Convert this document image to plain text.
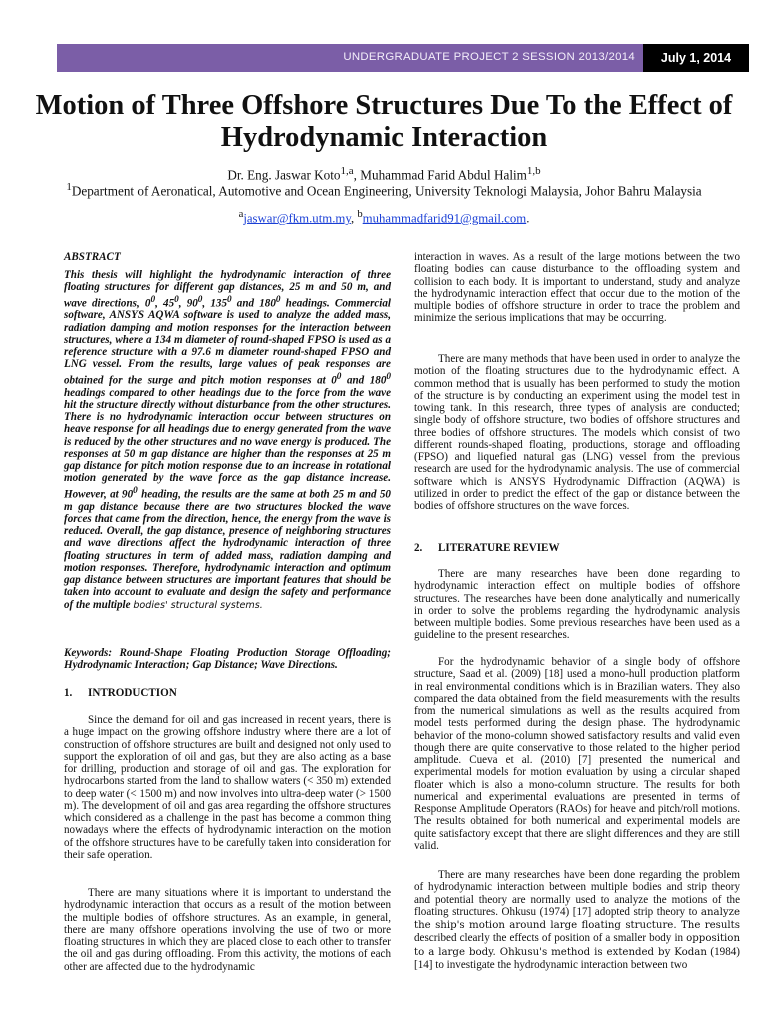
UNDERGRADUATE PROJECT 2 SESSION 2013/2014	July 1, 2014
Motion of Three Offshore Structures Due To the Effect of Hydrodynamic Interaction
Dr. Eng. Jaswar Koto$^{1,a}$, Muhammad Farid Abdul Halim$^{1,b}$
$^1$Department of Aeronatical, Automotive and Ocean Engineering, University Teknologi Malaysia, Johor Bahru Malaysia
$^a$jaswar@fkm.utm.my, $^b$muhammadfarid91@gmail.com.
ABSTRACT
This thesis will highlight the hydrodynamic interaction of three floating structures for different gap distances, 25 m and 50 m, and wave directions, $0^0$, $45^0$, $90^0$, $135^0$ and $180^0$ headings. Commercial software, ANSYS AQWA software is used to analyze the added mass, radiation damping and motion responses for the interaction between structures, where a 134 m diameter of round-shaped FPSO is used as a reference structure with a 97.6 m diameter round-shaped FPSO and LNG vessel. From the results, large values of peak responses are obtained for the surge and pitch motion responses at $0^0$ and $180^0$ headings compared to other headings due to the force from the wave hit the structure directly without disturbance from the other structures. There is no hydrodynamic interaction occur between structures on heave response for all headings due to energy generated from the wave is reduced by the other structures and no wave energy is produced. The responses at 50 m gap distance are higher than the responses at 25 m gap distance for pitch motion response due to an increase in rotational motion generated by the wave force as the gap distance increase. However, at $90^0$ heading, the results are the same at both 25 m and 50 m gap distance because there are two structures blocked the wave forces that came from the direction, hence, the energy from the wave is reduced. Overall, the gap distance, presence of neighboring structures and wave directions affect the hydrodynamic interaction of three floating structures in term of added mass, radiation damping and motion responses. Therefore, hydrodynamic interaction and optimum gap distance between structures are important features that should be taken into account to evaluate and design the safety and performance of the multiple bodies' structural systems.
Keywords: Round-Shape Floating Production Storage Offloading; Hydrodynamic Interaction; Gap Distance; Wave Directions.
1. INTRODUCTION
Since the demand for oil and gas increased in recent years, there is a huge impact on the growing offshore industry where there are a lot of construction of offshore structures are built and designed not only used to support the exploration of oil and gas, but they are also acting as a base for drilling, production and storage of oil and gas. The exploration for hydrocarbons started from the land to shallow waters (< 350 m) extended to deep water (< 1500 m) and now involves into ultra-deep water (> 1500 m). The development of oil and gas area regarding the offshore structures which considered as a challenge in the past has become a common thing nowadays where the effects of hydrodynamic interaction on the motion of the offshore structures have to be carefully taken into consideration for their safe operation.
There are many situations where it is important to understand the hydrodynamic interaction that occurs as a result of the motion between the multiple bodies of offshore structures. As an example, in general, there are many offshore operations involving the use of two or more floating structures in which they are placed close to each other to transfer the oil and gas during offloading. From this activity, the motions of each other are affected due to the hydrodynamic
interaction in waves. As a result of the large motions between the two floating bodies can cause disturbance to the offloading system and collision to each body. It is important to understand, study and analyze the hydrodynamic interaction effect that occur due to the motion of the multiple bodies of offshore structure in order to trace the problem and minimize the serious implications that may be occurring.
There are many methods that have been used in order to analyze the motion of the floating structures due to the hydrodynamic effect. A common method that is usually has been performed to study the motion of the structure is by conducting an experiment using the model test in towing tank. In this research, three types of analysis are conducted; single body of offshore structure, two bodies of offshore structures and three bodies of offshore structures. The models which consist of two different rounds-shaped floating, productions, storage and offloading (FPSO) and liquefied natural gas (LNG) vessel from the previous research are used for the hydrodynamic analysis. The use of commercial software which is ANSYS Hydrodynamic Diffraction (AQWA) is utilized in order to predict the effect of the gap or distance between the bodies of offshore structures on the wave forces.
2. LITERATURE REVIEW
There are many researches have been done regarding to hydrodynamic interaction effect on multiple bodies of offshore structures. The researches have been done analytically and numerically in order to solve the problems regarding the hydrodynamic analysis between multiple bodies. Some previous researches have been used as a guideline to the present researches.
For the hydrodynamic behavior of a single body of offshore structure, Saad et al. (2009) [18] used a mono-hull production platform in real environmental conditions which is in Brazilian waters. They also compared the data obtained from the field measurements with the results from the numerical simulations as well as the results acquired from model tests performed during the design phase. The hydrodynamic behavior of the mono-column showed satisfactory results and valid even though there are quite conservative to those related to the higher period amplitude. Cueva et al. (2010) [7] presented the numerical and experimental models for motion evaluation by using a circular shaped floater which is also a mono-column structure. The results for both numerical and experimental evaluations are presented in terms of Response Amplitude Operators (RAOs) for heave and pitch/roll motions. The results obtained for both numerical and experimental models are quite satisfactory except that there are slight differences and they are still valid.
There are many researches have been done regarding the problem of hydrodynamic interaction between multiple bodies and strip theory and potential theory are normally used to analyze the motions of the floating structures. Ohkusu (1974) [17] adopted strip theory to analyze the ship's motion around large floating structure. The results described clearly the effects of position of a smaller body in opposition to a large body. Ohkusu's method is extended by Kodan (1984) [14] to investigate the hydrodynamic interaction between two
